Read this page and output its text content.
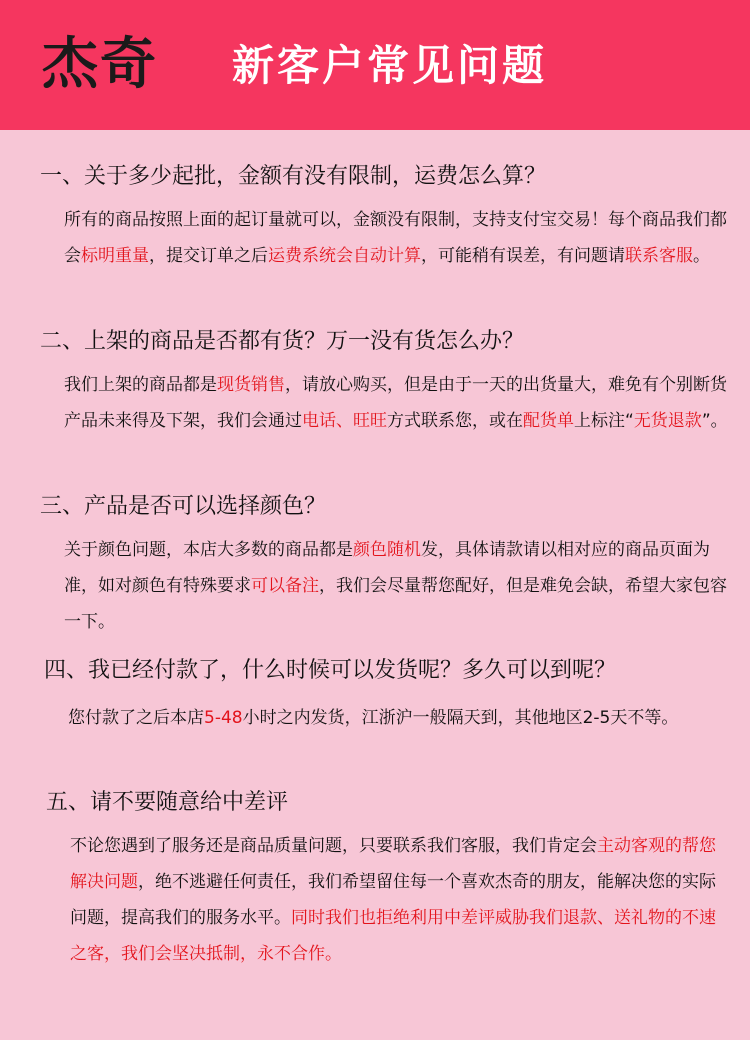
杰奇 新客户常见问题
一、关于多少起批，金额有没有限制，运费怎么算？
所有的商品按照上面的起订量就可以，金额没有限制，支持支付宝交易！每个商品我们都会标明重量，提交订单之后运费系统会自动计算，可能稍有误差，有问题请联系客服。
二、上架的商品是否都有货？万一没有货怎么办？
我们上架的商品都是现货销售，请放心购买，但是由于一天的出货量大，难免有个别断货产品未来得及下架，我们会通过电话、旺旺方式联系您，或在配货单上标注“无货退款”。
三、产品是否可以选择颜色？
关于颜色问题，本店大多数的商品都是颜色随机发，具体请款请以相对应的商品页面为准，如对颜色有特殊要求可以备注，我们会尽量帮您配好，但是难免会缺，希望大家包容一下。
四、我已经付款了，什么时候可以发货呢？多久可以到呢？
您付款了之后本店5-48小时之内发货，江浙沪一般隔天到，其他地区2-5天不等。
五、请不要随意给中差评
不论您遇到了服务还是商品质量问题，只要联系我们客服，我们肯定会主动客观的帮您解决问题，绝不逃避任何责任，我们希望留住每一个喜欢杰奇的朋友，能解决您的实际问题，提高我们的服务水平。同时我们也拒绝利用中差评威胁我们退款、送礼物的不速之客，我们会坚决抵制，永不合作。
